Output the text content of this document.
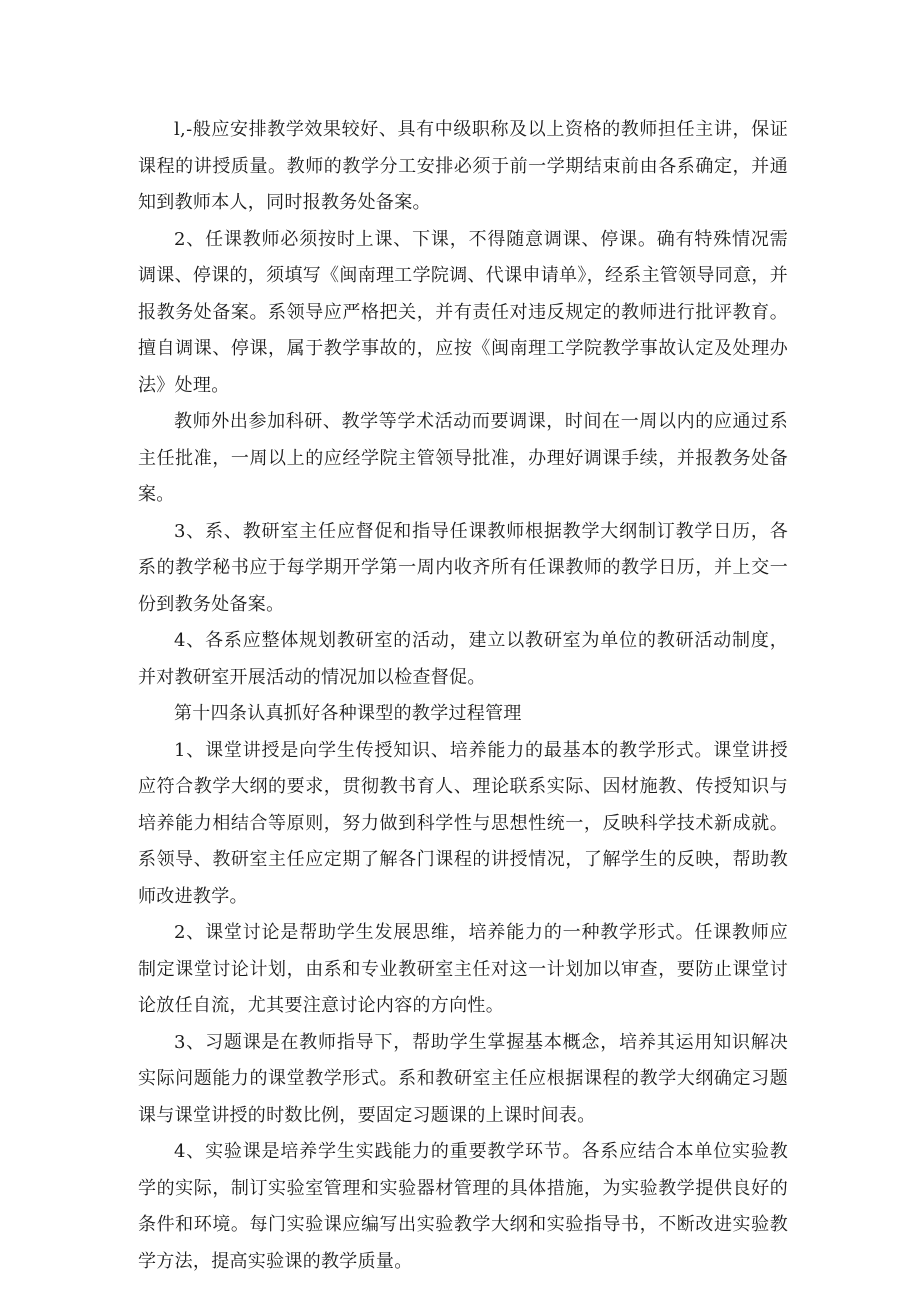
l,-般应安排教学效果较好、具有中级职称及以上资格的教师担任主讲，保证课程的讲授质量。教师的教学分工安排必须于前一学期结束前由各系确定，并通知到教师本人，同时报教务处备案。

2、任课教师必须按时上课、下课，不得随意调课、停课。确有特殊情况需调课、停课的，须填写《闽南理工学院调、代课申请单》，经系主管领导同意，并报教务处备案。系领导应严格把关，并有责任对违反规定的教师进行批评教育。擅自调课、停课，属于教学事故的，应按《闽南理工学院教学事故认定及处理办法》处理。

教师外出参加科研、教学等学术活动而要调课，时间在一周以内的应通过系主任批准，一周以上的应经学院主管领导批准，办理好调课手续，并报教务处备案。

3、系、教研室主任应督促和指导任课教师根据教学大纲制订教学日历，各系的教学秘书应于每学期开学第一周内收齐所有任课教师的教学日历，并上交一份到教务处备案。

4、各系应整体规划教研室的活动，建立以教研室为单位的教研活动制度，并对教研室开展活动的情况加以检查督促。

第十四条认真抓好各种课型的教学过程管理

1、课堂讲授是向学生传授知识、培养能力的最基本的教学形式。课堂讲授应符合教学大纲的要求，贯彻教书育人、理论联系实际、因材施教、传授知识与培养能力相结合等原则，努力做到科学性与思想性统一，反映科学技术新成就。系领导、教研室主任应定期了解各门课程的讲授情况，了解学生的反映，帮助教师改进教学。

2、课堂讨论是帮助学生发展思维，培养能力的一种教学形式。任课教师应制定课堂讨论计划，由系和专业教研室主任对这一计划加以审查，要防止课堂讨论放任自流，尤其要注意讨论内容的方向性。

3、习题课是在教师指导下，帮助学生掌握基本概念，培养其运用知识解决实际问题能力的课堂教学形式。系和教研室主任应根据课程的教学大纲确定习题课与课堂讲授的时数比例，要固定习题课的上课时间表。

4、实验课是培养学生实践能力的重要教学环节。各系应结合本单位实验教学的实际，制订实验室管理和实验器材管理的具体措施，为实验教学提供良好的条件和环境。每门实验课应编写出实验教学大纲和实验指导书，不断改进实验教学方法，提高实验课的教学质量。
